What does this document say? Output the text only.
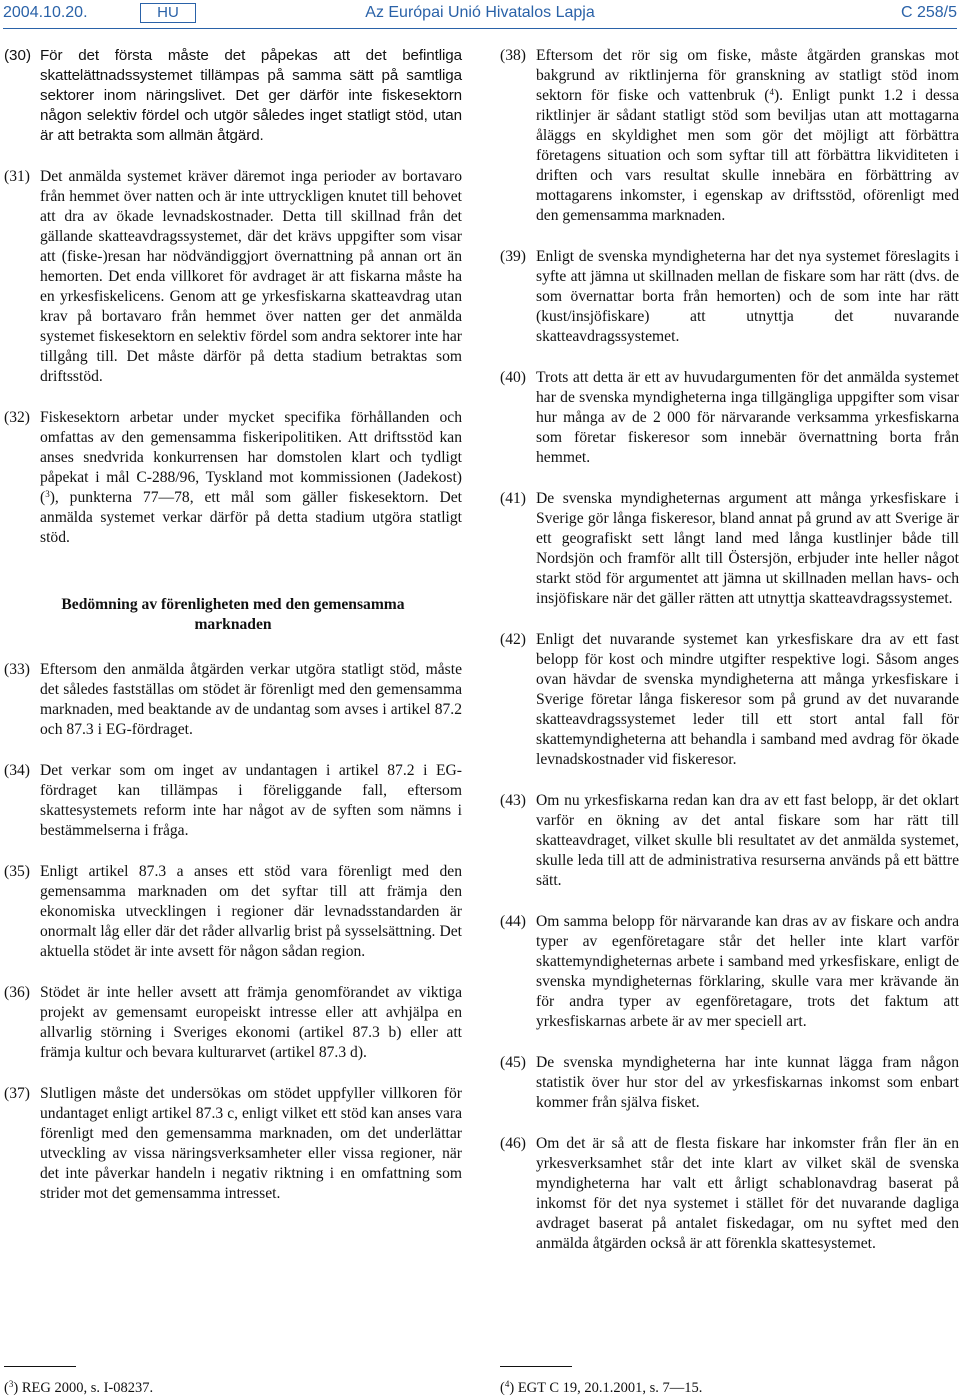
Az Európai Unió Hivatalos Lapja
2004.10.20.	HU	C 258/5
(30) För det första måste det påpekas att det befintliga skattelättnadssystemet tillämpas på samma sätt på samtliga sektorer inom näringslivet. Det ger därför inte fiskesektorn någon selektiv fördel och utgör således inget statligt stöd, utan är att betrakta som allmän åtgärd.
(31) Det anmälda systemet kräver däremot inga perioder av bortavaro från hemmet över natten och är inte uttryckligen knutet till behovet att dra av ökade levnadskostnader. Detta till skillnad från det gällande skatteavdragssystemet, där det krävs uppgifter som visar att (fiske-)resan har nödvändiggjort övernattning på annan ort än hemorten. Det enda villkoret för avdraget är att fiskarna måste ha en yrkesfiskelicens. Genom att ge yrkesfiskarna skatteavdrag utan krav på bortavaro från hemmet över natten ger det anmälda systemet fiskesektorn en selektiv fördel som andra sektorer inte har tillgång till. Det måste därför på detta stadium betraktas som driftsstöd.
(32) Fiskesektorn arbetar under mycket specifika förhållanden och omfattas av den gemensamma fiskeripolitiken. Att driftsstöd kan anses snedvrida konkurrensen har domstolen klart och tydligt påpekat i mål C-288/96, Tyskland mot kommissionen (Jadekost) ($^3$), punkterna 77—78, ett mål som gäller fiskesektorn. Det anmälda systemet verkar därför på detta stadium utgöra statligt stöd.
Bedömning av förenligheten med den gemensamma marknaden
(33) Eftersom den anmälda åtgärden verkar utgöra statligt stöd, måste det således fastställas om stödet är förenligt med den gemensamma marknaden, med beaktande av de undantag som avses i artikel 87.2 och 87.3 i EG-fördraget.
(34) Det verkar som om inget av undantagen i artikel 87.2 i EG-fördraget kan tillämpas i föreliggande fall, eftersom skattesystemets reform inte har något av de syften som nämns i bestämmelserna i fråga.
(35) Enligt artikel 87.3 a anses ett stöd vara förenligt med den gemensamma marknaden om det syftar till att främja den ekonomiska utvecklingen i regioner där levnadsstandarden är onormalt låg eller där det råder allvarlig brist på sysselsättning. Det aktuella stödet är inte avsett för någon sådan region.
(36) Stödet är inte heller avsett att främja genomförandet av viktiga projekt av gemensamt europeiskt intresse eller att avhjälpa en allvarlig störning i Sveriges ekonomi (artikel 87.3 b) eller att främja kultur och bevara kulturarvet (artikel 87.3 d).
(37) Slutligen måste det undersökas om stödet uppfyller villkoren för undantaget enligt artikel 87.3 c, enligt vilket ett stöd kan anses vara förenligt med den gemensamma marknaden, om det underlättar utveckling av vissa näringsverksamheter eller vissa regioner, när det inte påverkar handeln i negativ riktning i en omfattning som strider mot det gemensamma intresset.
(38) Eftersom det rör sig om fiske, måste åtgärden granskas mot bakgrund av riktlinjerna för granskning av statligt stöd inom sektorn för fiske och vattenbruk ($^4$). Enligt punkt 1.2 i dessa riktlinjer är sådant statligt stöd som beviljas utan att mottagarna åläggs en skyldighet men som gör det möjligt att förbättra företagens situation och som syftar till att förbättra likviditeten i driften och vars resultat skulle innebära en förbättring av mottagarens inkomster, i egenskap av driftsstöd, oförenligt med den gemensamma marknaden.
(39) Enligt de svenska myndigheterna har det nya systemet föreslagits i syfte att jämna ut skillnaden mellan de fiskare som har rätt (dvs. de som övernattar borta från hemorten) och de som inte har rätt (kust/insjöfiskare) att utnyttja det nuvarande skatteavdragssystemet.
(40) Trots att detta är ett av huvudargumenten för det anmälda systemet har de svenska myndigheterna inga tillgängliga uppgifter som visar hur många av de 2 000 för närvarande verksamma yrkesfiskarna som företar fiskeresor som innebär övernattning borta från hemmet.
(41) De svenska myndigheternas argument att många yrkesfiskare i Sverige gör långa fiskeresor, bland annat på grund av att Sverige är ett geografiskt sett långt land med långa kustlinjer både till Nordsjön och framför allt till Östersjön, erbjuder inte heller något starkt stöd för argumentet att jämna ut skillnaden mellan havs- och insjöfiskare när det gäller rätten att utnyttja skatteavdragssystemet.
(42) Enligt det nuvarande systemet kan yrkesfiskare dra av ett fast belopp för kost och mindre utgifter respektive logi. Såsom anges ovan hävdar de svenska myndigheterna att många yrkesfiskare i Sverige företar långa fiskeresor som på grund av det nuvarande skatteavdragssystemet leder till ett stort antal fall för skattemyndigheterna att behandla i samband med avdrag för ökade levnadskostnader vid fiskeresor.
(43) Om nu yrkesfiskarna redan kan dra av ett fast belopp, är det oklart varför en ökning av det antal fiskare som har rätt till skatteavdraget, vilket skulle bli resultatet av det anmälda systemet, skulle leda till att de administrativa resurserna används på ett bättre sätt.
(44) Om samma belopp för närvarande kan dras av av fiskare och andra typer av egenföretagare står det heller inte klart varför skattemyndigheternas arbete i samband med yrkesfiskare, enligt de svenska myndigheternas förklaring, skulle vara mer krävande än för andra typer av egenföretagare, trots det faktum att yrkesfiskarnas arbete är av mer speciell art.
(45) De svenska myndigheterna har inte kunnat lägga fram någon statistik över hur stor del av yrkesfiskarnas inkomst som enbart kommer från själva fisket.
(46) Om det är så att de flesta fiskare har inkomster från fler än en yrkesverksamhet står det inte klart av vilket skäl de svenska myndigheterna har valt ett årligt schablonavdrag baserat på inkomst för det nya systemet i stället för det nuvarande dagliga avdraget baserat på antalet fiskedagar, om nu syftet med den anmälda åtgärden också är att förenkla skattesystemet.
($^3$) REG 2000, s. I-08237.	($^4$) EGT C 19, 20.1.2001, s. 7—15.
